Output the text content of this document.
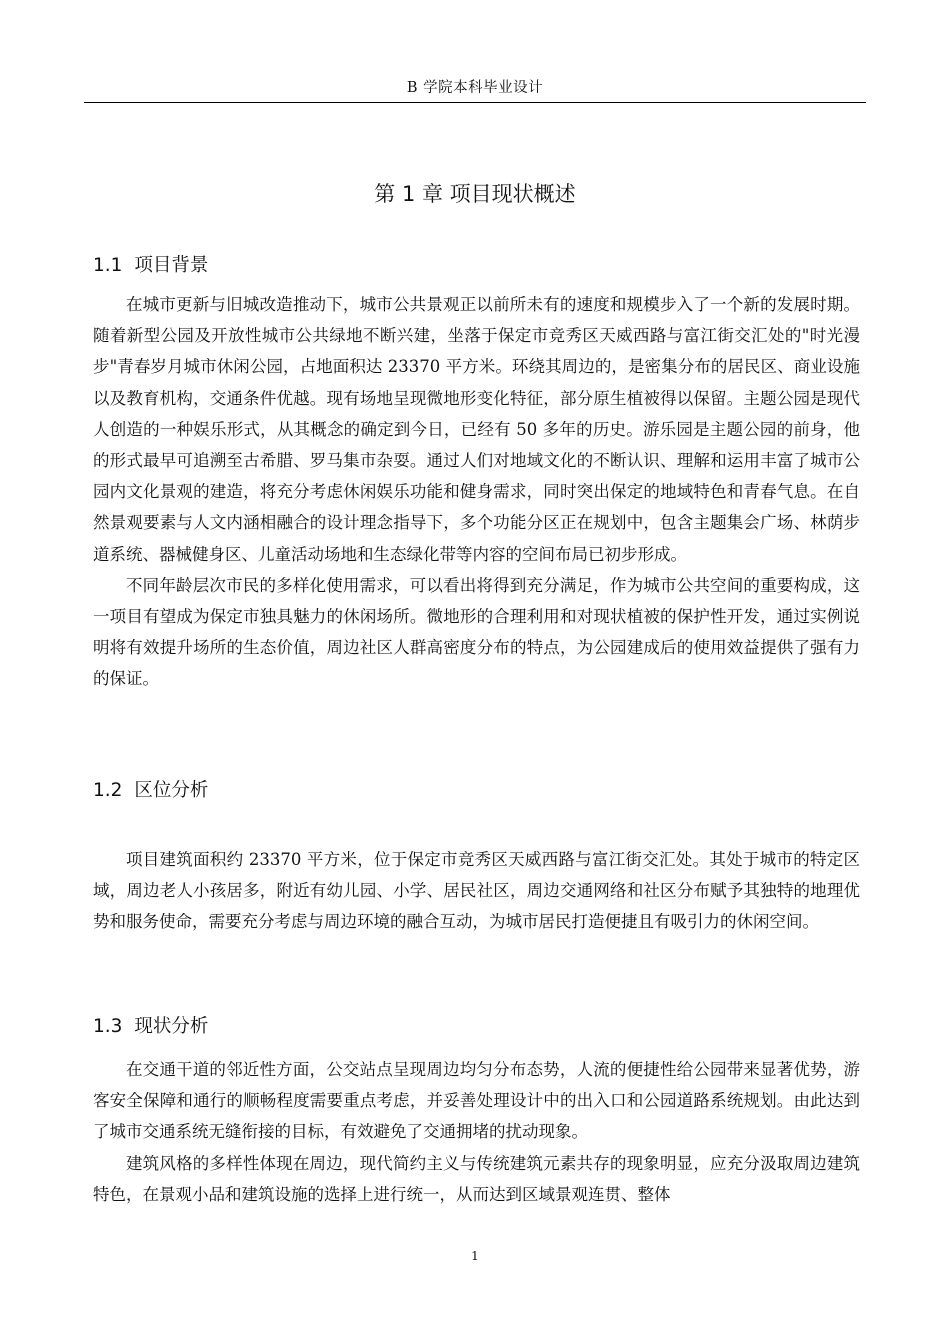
B 学院本科毕业设计
第 1 章 项目现状概述
1.1 项目背景

在城市更新与旧城改造推动下，城市公共景观正以前所未有的速度和规模步入了一个新的发展时期。随着新型公园及开放性城市公共绿地不断兴建，坐落于保定市竞秀区天威西路与富江街交汇处的"时光漫步"青春岁月城市休闲公园，占地面积达 23370 平方米。环绕其周边的，是密集分布的居民区、商业设施以及教育机构，交通条件优越。现有场地呈现微地形变化特征，部分原生植被得以保留。主题公园是现代人创造的一种娱乐形式，从其概念的确定到今日，已经有 50 多年的历史。游乐园是主题公园的前身，他的形式最早可追溯至古希腊、罗马集市杂耍。通过人们对地域文化的不断认识、理解和运用丰富了城市公园内文化景观的建造，将充分考虑休闲娱乐功能和健身需求，同时突出保定的地域特色和青春气息。在自然景观要素与人文内涵相融合的设计理念指导下，多个功能分区正在规划中，包含主题集会广场、林荫步道系统、器械健身区、儿童活动场地和生态绿化带等内容的空间布局已初步形成。

不同年龄层次市民的多样化使用需求，可以看出将得到充分满足，作为城市公共空间的重要构成，这一项目有望成为保定市独具魅力的休闲场所。微地形的合理利用和对现状植被的保护性开发，通过实例说明将有效提升场所的生态价值，周边社区人群高密度分布的特点，为公园建成后的使用效益提供了强有力的保证。

1.2 区位分析

项目建筑面积约 23370 平方米，位于保定市竞秀区天威西路与富江街交汇处。其处于城市的特定区域，周边老人小孩居多，附近有幼儿园、小学、居民社区，周边交通网络和社区分布赋予其独特的地理优势和服务使命，需要充分考虑与周边环境的融合互动，为城市居民打造便捷且有吸引力的休闲空间。

1.3 现状分析

在交通干道的邻近性方面，公交站点呈现周边均匀分布态势，人流的便捷性给公园带来显著优势，游客安全保障和通行的顺畅程度需要重点考虑，并妥善处理设计中的出入口和公园道路系统规划。由此达到了城市交通系统无缝衔接的目标，有效避免了交通拥堵的扰动现象。

建筑风格的多样性体现在周边，现代简约主义与传统建筑元素共存的现象明显，应充分汲取周边建筑特色，在景观小品和建筑设施的选择上进行统一，从而达到区域景观连贯、整体

1
